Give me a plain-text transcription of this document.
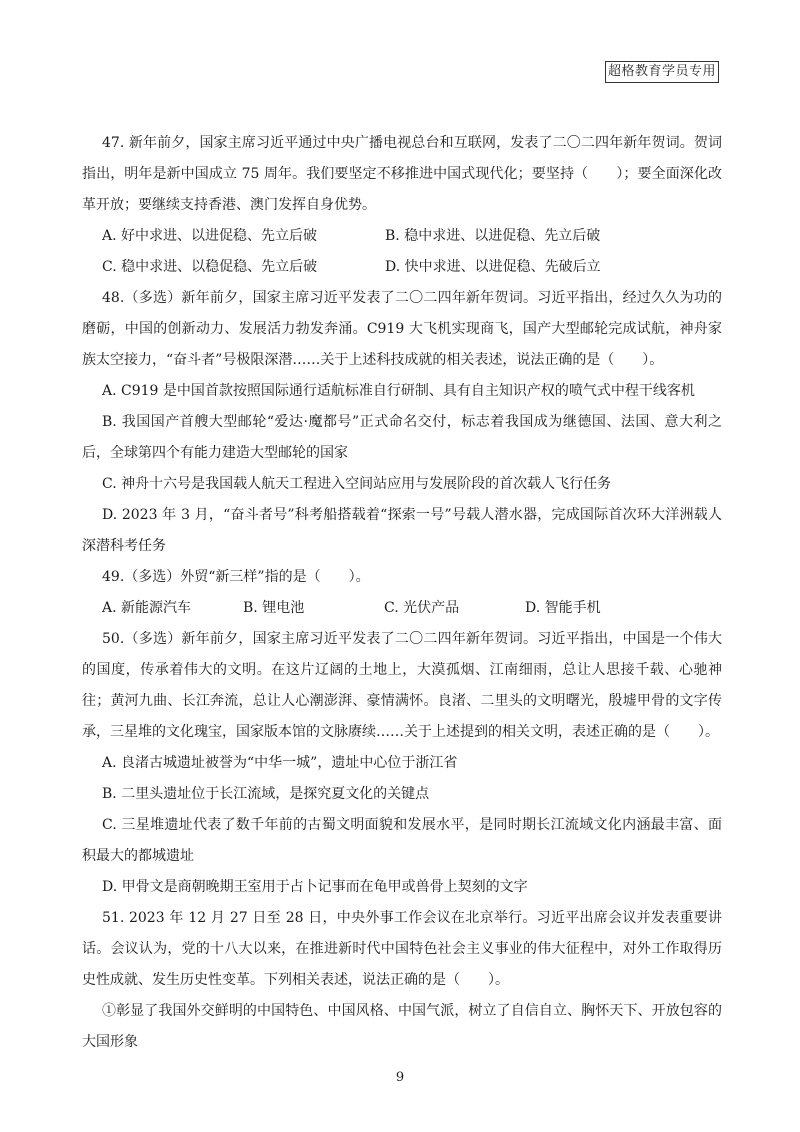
超格教育学员专用

47. 新年前夕，国家主席习近平通过中央广播电视总台和互联网，发表了二〇二四年新年贺词。贺词指出，明年是新中国成立 75 周年。我们要坚定不移推进中国式现代化；要坚持（　　）；要全面深化改革开放；要继续支持香港、澳门发挥自身优势。

A. 好中求进、以进促稳、先立后破	B. 稳中求进、以进促稳、先立后破
C. 稳中求进、以稳促稳、先立后破	D. 快中求进、以进促稳、先破后立

48.（多选）新年前夕，国家主席习近平发表了二〇二四年新年贺词。习近平指出，经过久久为功的磨砺，中国的创新动力、发展活力勃发奔涌。C919 大飞机实现商飞，国产大型邮轮完成试航，神舟家族太空接力，“奋斗者”号极限深潜……关于上述科技成就的相关表述，说法正确的是（　　）。

A. C919 是中国首款按照国际通行适航标准自行研制、具有自主知识产权的喷气式中程干线客机

B. 我国国产首艘大型邮轮“爱达·魔都号”正式命名交付，标志着我国成为继德国、法国、意大利之后，全球第四个有能力建造大型邮轮的国家

C. 神舟十六号是我国载人航天工程进入空间站应用与发展阶段的首次载人飞行任务

D. 2023 年 3 月，“奋斗者号”科考船搭载着“探索一号”号载人潜水器，完成国际首次环大洋洲载人深潜科考任务

49.（多选）外贸“新三样”指的是（　　）。

A. 新能源汽车	B. 锂电池	C. 光伏产品	D. 智能手机

50.（多选）新年前夕，国家主席习近平发表了二〇二四年新年贺词。习近平指出，中国是一个伟大的国度，传承着伟大的文明。在这片辽阔的土地上，大漠孤烟、江南细雨，总让人思接千载、心驰神往；黄河九曲、长江奔流，总让人心潮澎湃、豪情满怀。良渚、二里头的文明曙光，殷墟甲骨的文字传承，三星堆的文化瑰宝，国家版本馆的文脉赓续……关于上述提到的相关文明，表述正确的是（　　）。

A. 良渚古城遗址被誉为“中华一城”，遗址中心位于浙江省

B. 二里头遗址位于长江流域，是探究夏文化的关键点

C. 三星堆遗址代表了数千年前的古蜀文明面貌和发展水平，是同时期长江流域文化内涵最丰富、面积最大的都城遗址

D. 甲骨文是商朝晚期王室用于占卜记事而在龟甲或兽骨上契刻的文字

51. 2023 年 12 月 27 日至 28 日，中央外事工作会议在北京举行。习近平出席会议并发表重要讲话。会议认为，党的十八大以来，在推进新时代中国特色社会主义事业的伟大征程中，对外工作取得历史性成就、发生历史性变革。下列相关表述，说法正确的是（　　）。

①彰显了我国外交鲜明的中国特色、中国风格、中国气派，树立了自信自立、胸怀天下、开放包容的大国形象

9
